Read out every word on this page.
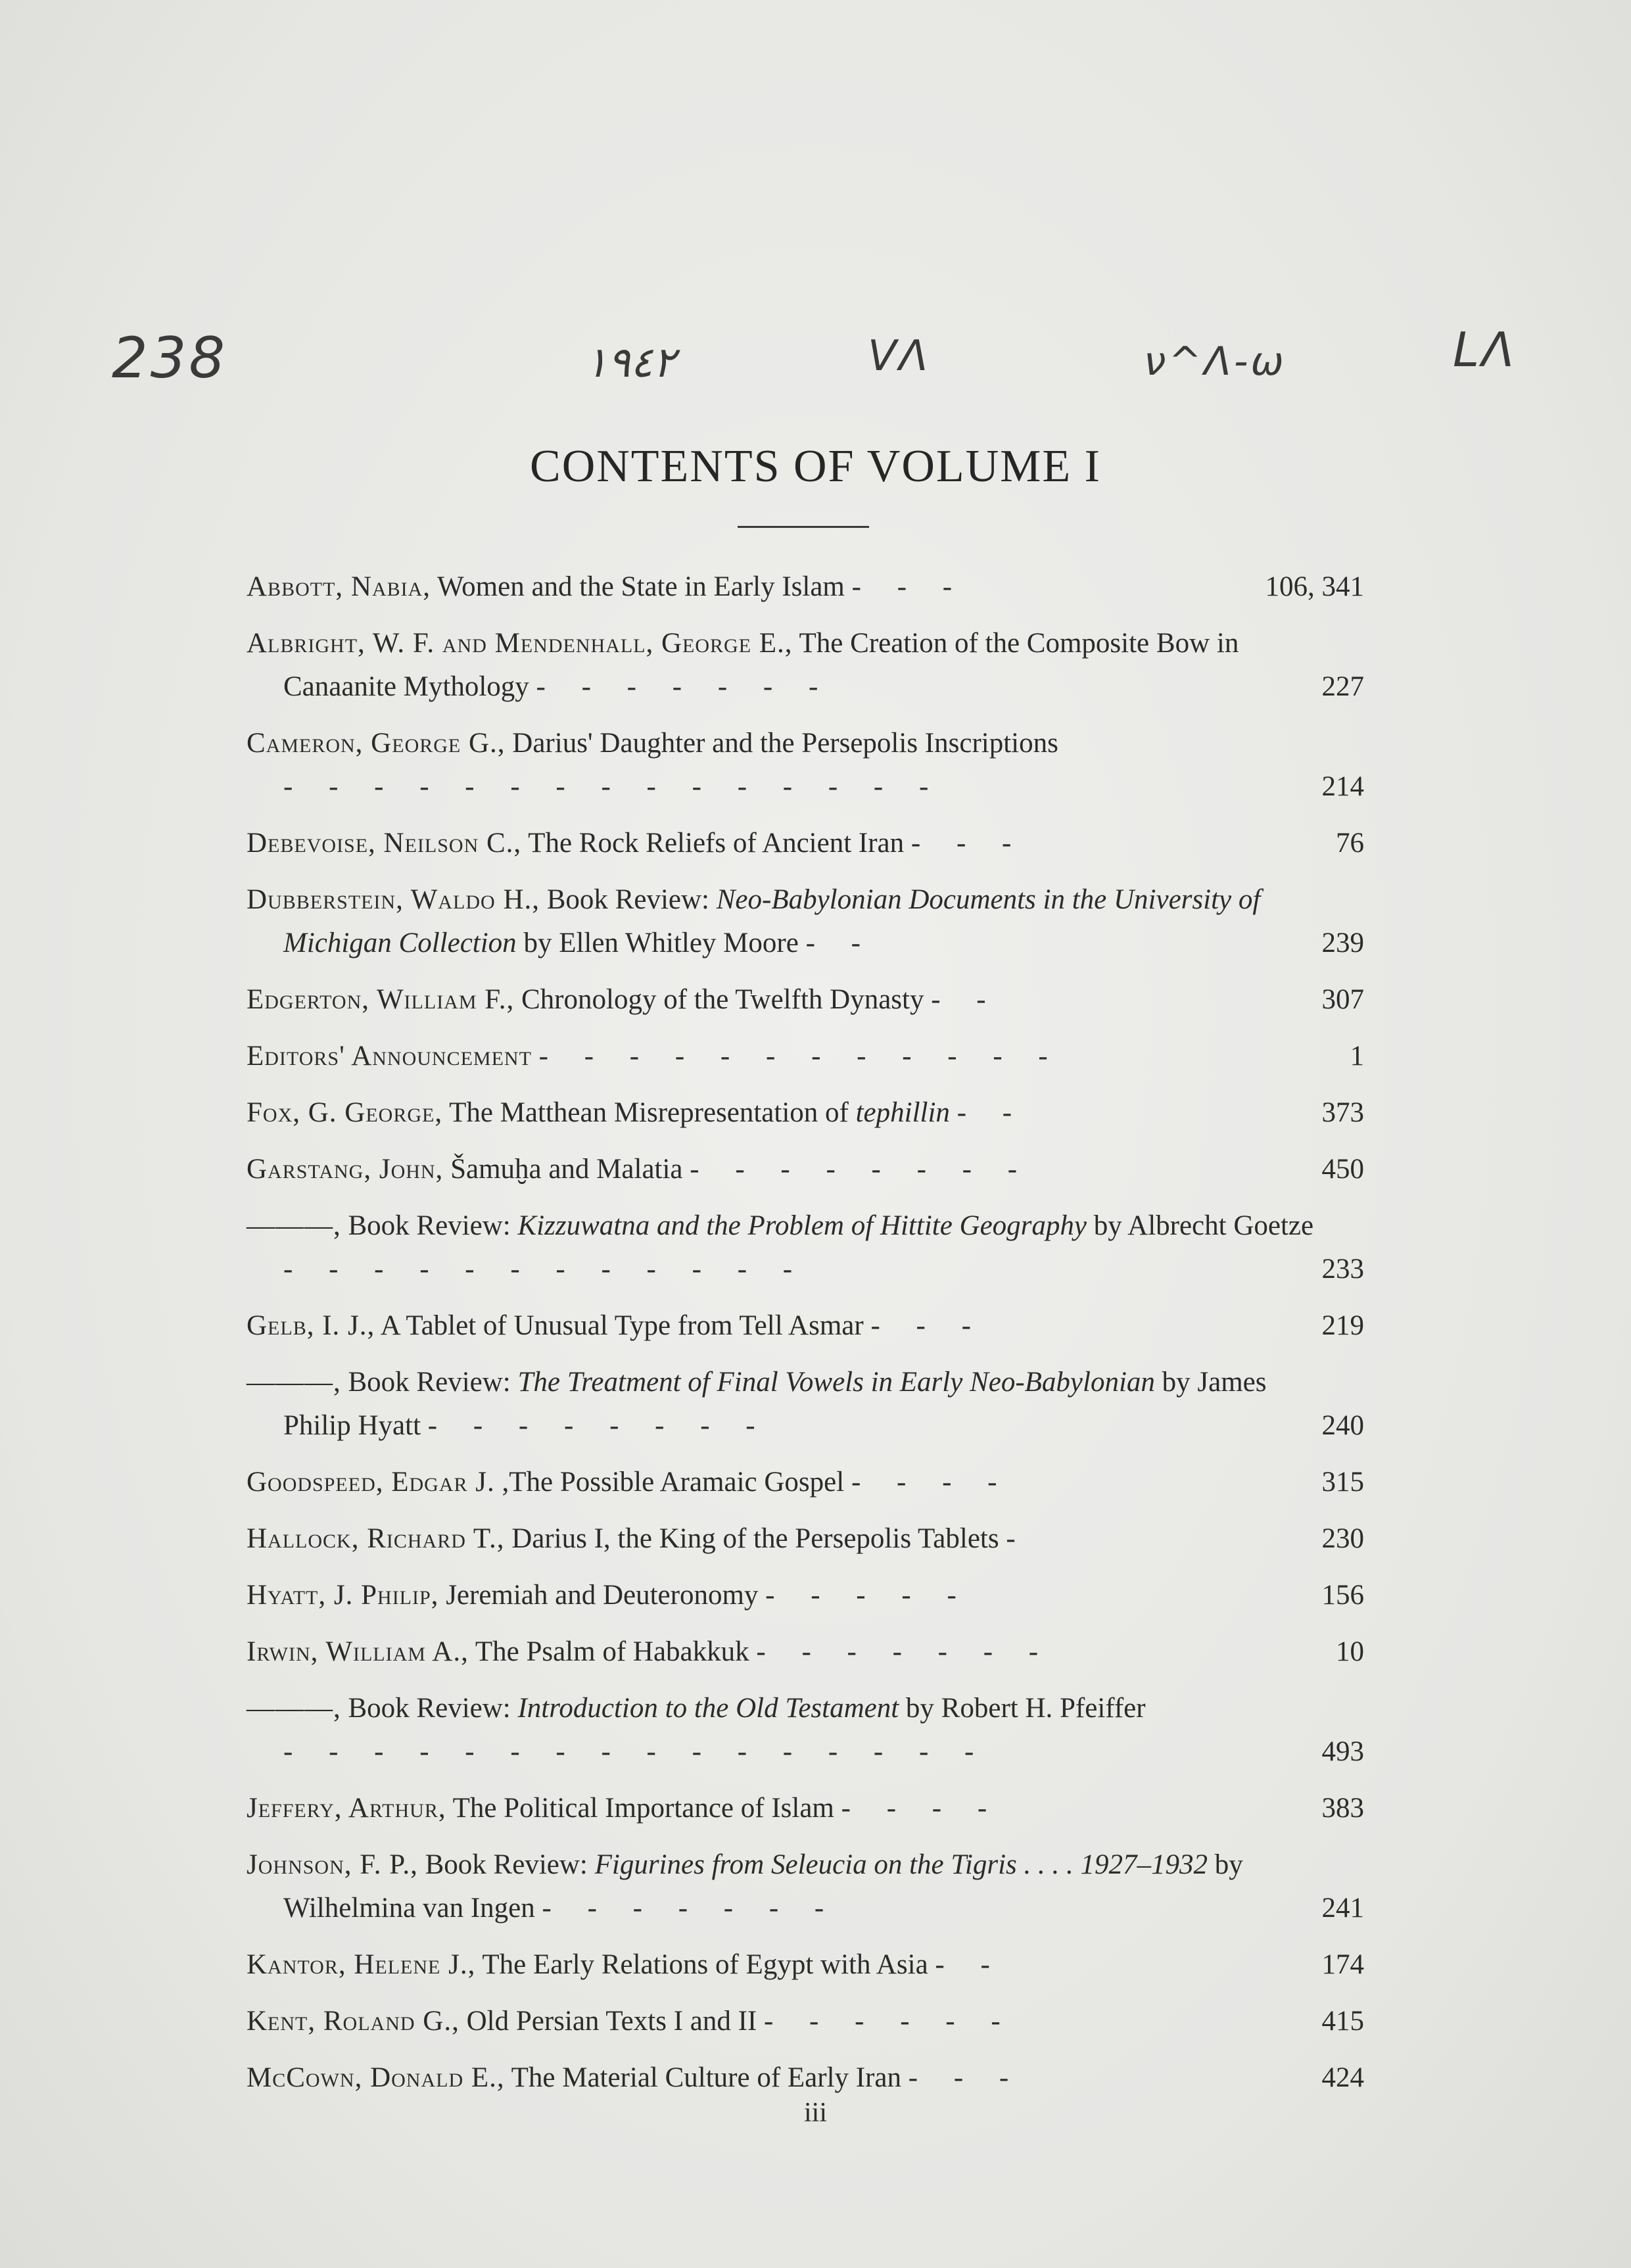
238	١٩٤٢	VΛ	ν^Λ-ω	LΛ
CONTENTS OF VOLUME I
Abbott, Nabia, Women and the State in Early Islam - - -	106, 341
Albright, W. F. and Mendenhall, George E., The Creation of the Composite Bow in Canaanite Mythology - - - - - - -	227
Cameron, George G., Darius' Daughter and the Persepolis Inscriptions - - - - - - - - - - - - - - -	214
Debevoise, Neilson C., The Rock Reliefs of Ancient Iran - - -	76
Dubberstein, Waldo H., Book Review: Neo-Babylonian Documents in the University of Michigan Collection by Ellen Whitley Moore - -	239
Edgerton, William F., Chronology of the Twelfth Dynasty - -	307
Editors' Announcement - - - - - - - - - - - -	1
Fox, G. George, The Matthean Misrepresentation of tephillin - -	373
Garstang, John, Šamuḫa and Malatia - - - - - - - -	450
———, Book Review: Kizzuwatna and the Problem of Hittite Geography by Albrecht Goetze - - - - - - - - - - - -	233
Gelb, I. J., A Tablet of Unusual Type from Tell Asmar - - -	219
———, Book Review: The Treatment of Final Vowels in Early Neo-Babylonian by James Philip Hyatt - - - - - - - -	240
Goodspeed, Edgar J. ,The Possible Aramaic Gospel - - - -	315
Hallock, Richard T., Darius I, the King of the Persepolis Tablets -	230
Hyatt, J. Philip, Jeremiah and Deuteronomy - - - - -	156
Irwin, William A., The Psalm of Habakkuk - - - - - - -	10
———, Book Review: Introduction to the Old Testament by Robert H. Pfeiffer - - - - - - - - - - - - - - - -	493
Jeffery, Arthur, The Political Importance of Islam - - - -	383
Johnson, F. P., Book Review: Figurines from Seleucia on the Tigris . . . . 1927–1932 by Wilhelmina van Ingen - - - - - - -	241
Kantor, Helene J., The Early Relations of Egypt with Asia - -	174
Kent, Roland G., Old Persian Texts I and II - - - - - -	415
McCown, Donald E., The Material Culture of Early Iran - - -	424
iii
